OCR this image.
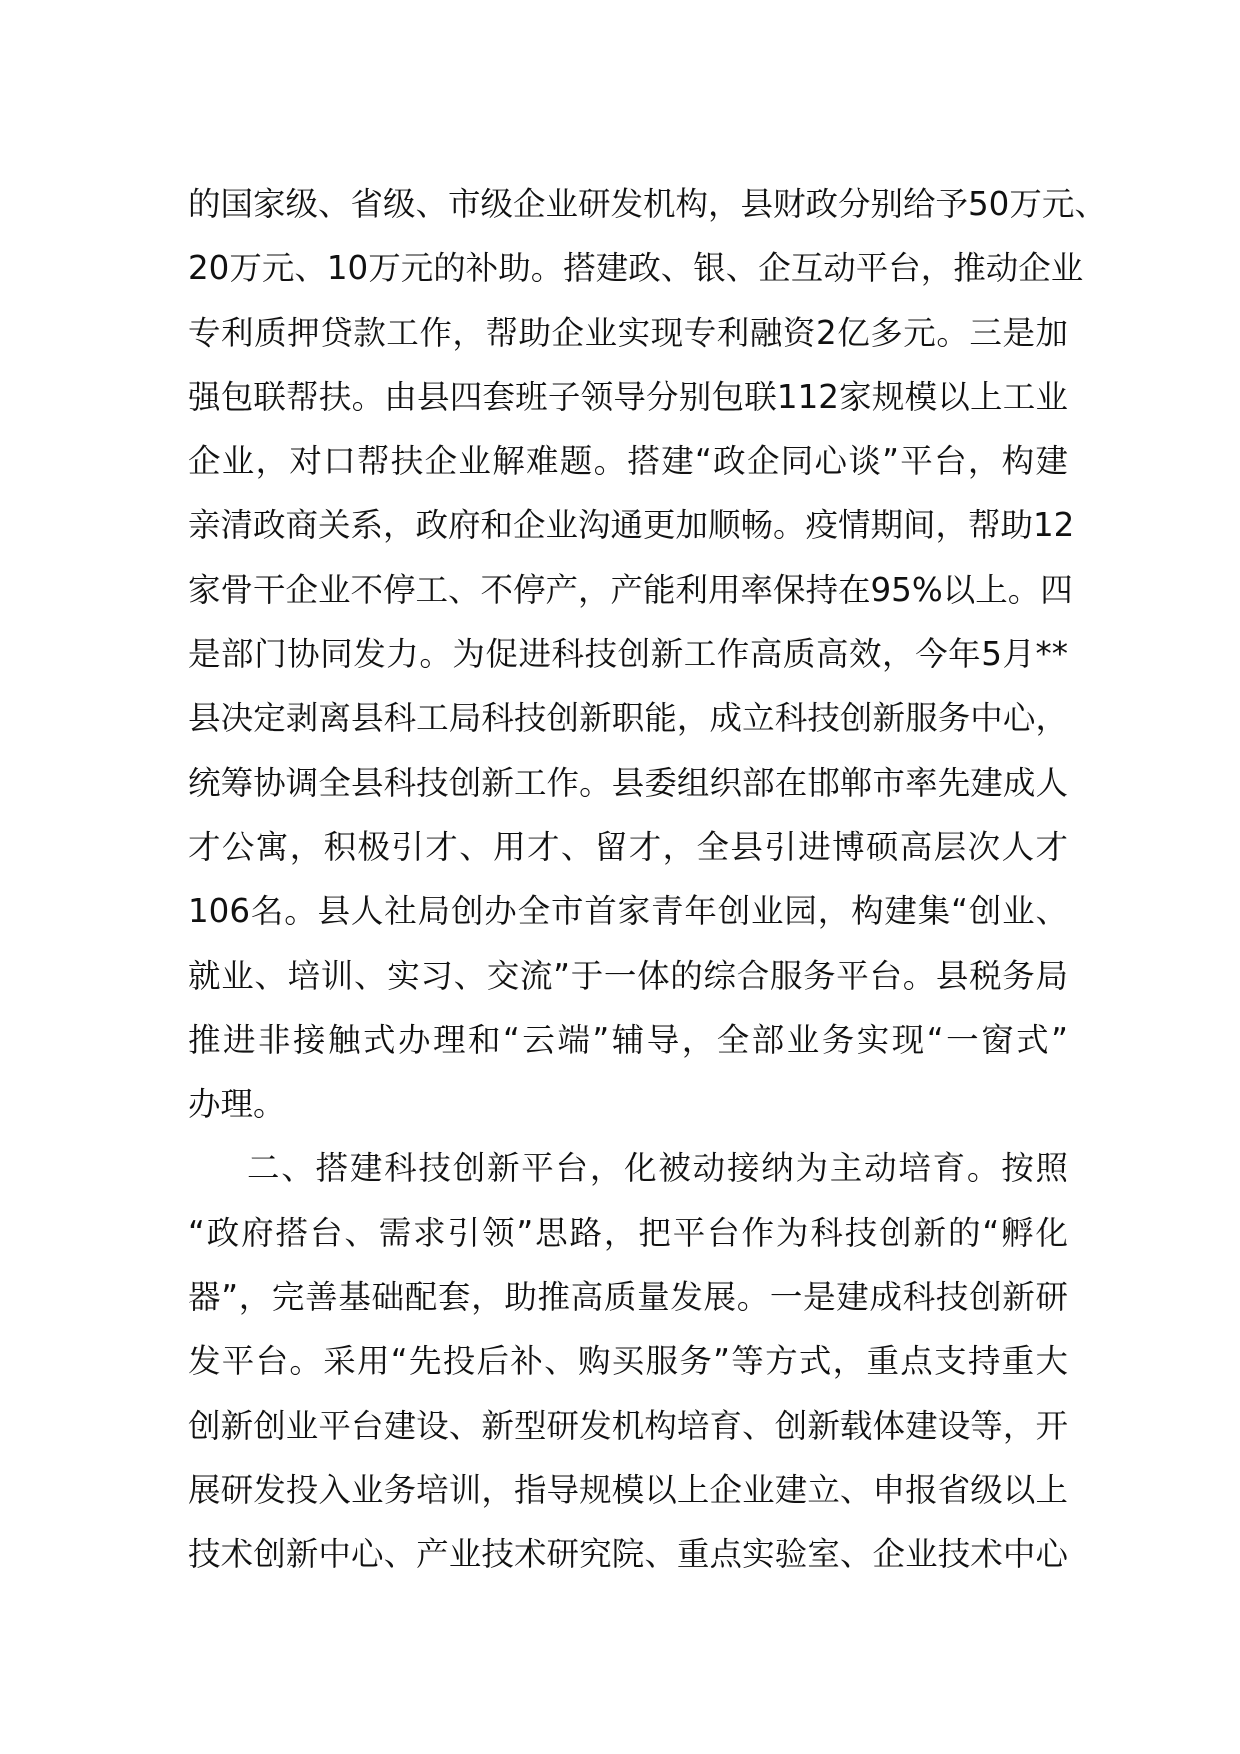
的国家级、省级、市级企业研发机构，县财政分别给予50万元、
20万元、10万元的补助。搭建政、银、企互动平台，推动企业
专利质押贷款工作，帮助企业实现专利融资2亿多元。三是加
强包联帮扶。由县四套班子领导分别包联112家规模以上工业
企业，对口帮扶企业解难题。搭建“政企同心谈”平台，构建
亲清政商关系，政府和企业沟通更加顺畅。疫情期间，帮助12
家骨干企业不停工、不停产，产能利用率保持在95%以上。四
是部门协同发力。为促进科技创新工作高质高效，今年5月**
县决定剥离县科工局科技创新职能，成立科技创新服务中心，
统筹协调全县科技创新工作。县委组织部在邯郸市率先建成人
才公寓，积极引才、用才、留才，全县引进博硕高层次人才
106名。县人社局创办全市首家青年创业园，构建集“创业、
就业、培训、实习、交流”于一体的综合服务平台。县税务局
推进非接触式办理和“云端”辅导，全部业务实现“一窗式”
办理。
二、搭建科技创新平台，化被动接纳为主动培育。按照
“政府搭台、需求引领”思路，把平台作为科技创新的“孵化
器”，完善基础配套，助推高质量发展。一是建成科技创新研
发平台。采用“先投后补、购买服务”等方式，重点支持重大
创新创业平台建设、新型研发机构培育、创新载体建设等，开
展研发投入业务培训，指导规模以上企业建立、申报省级以上
技术创新中心、产业技术研究院、重点实验室、企业技术中心
